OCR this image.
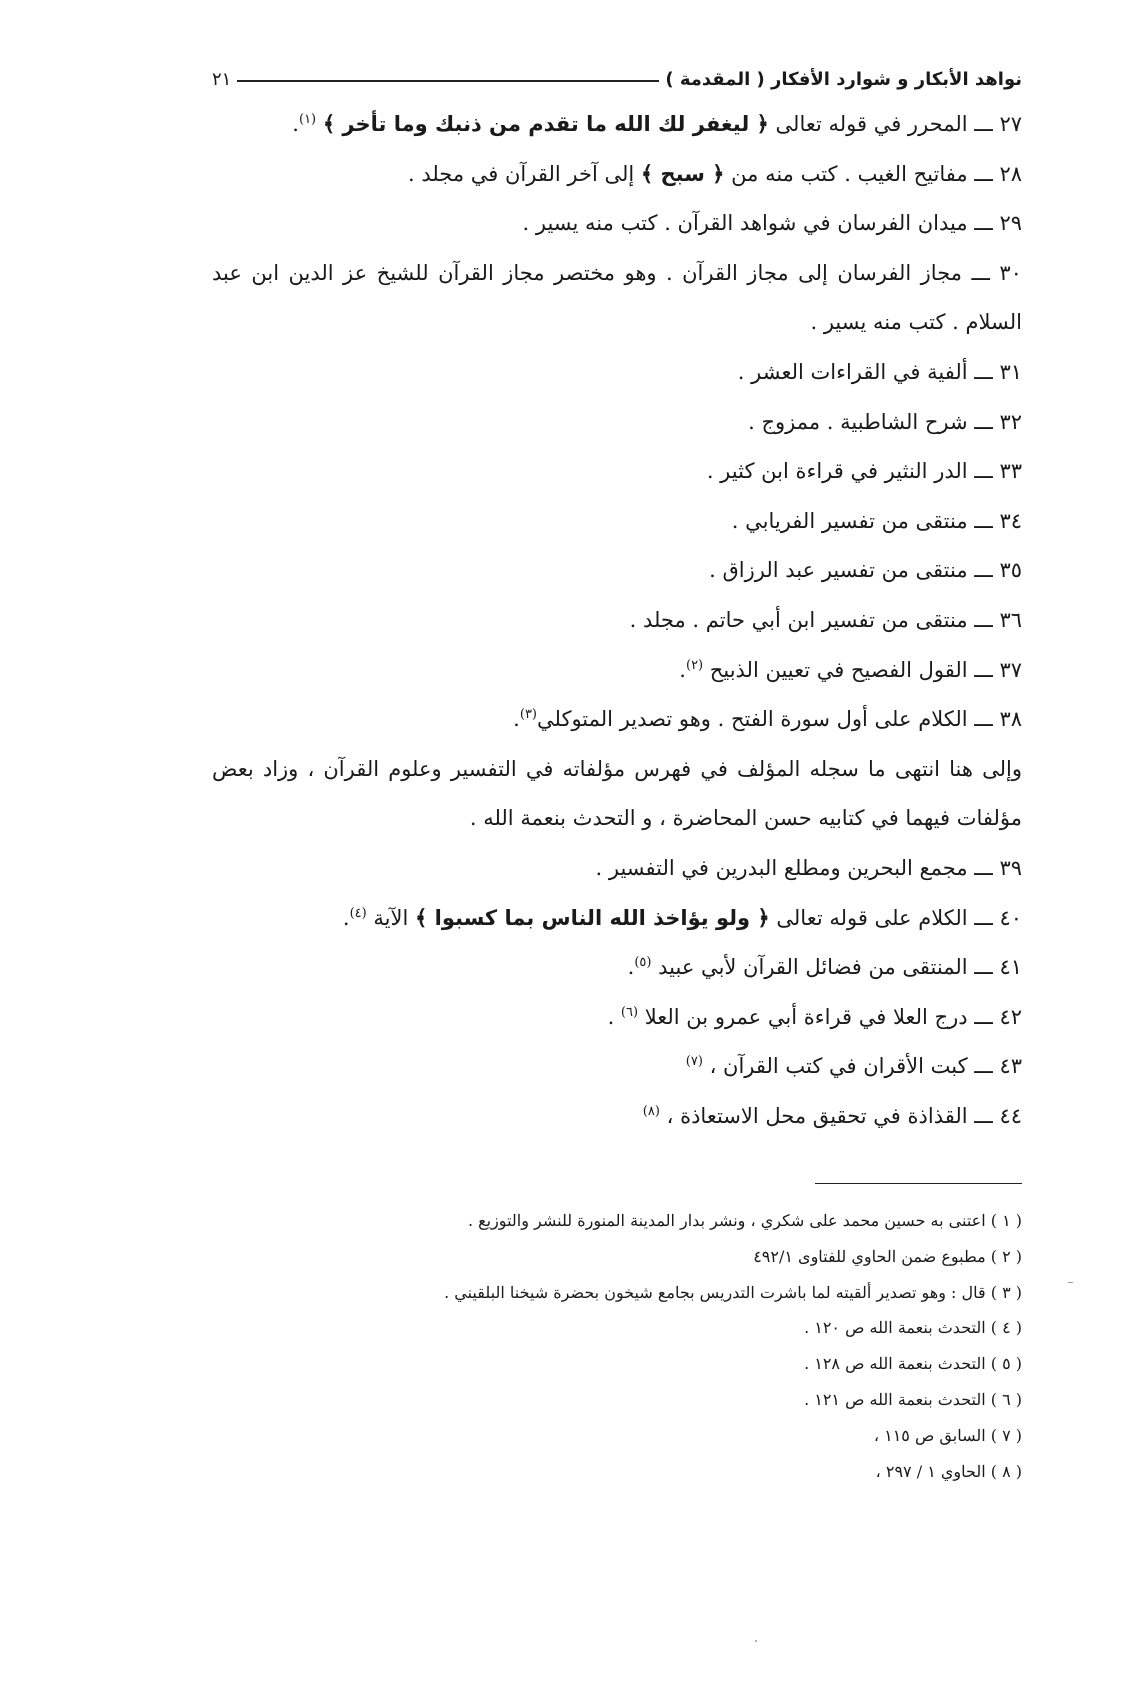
نواهد الأبكار و شوارد الأفكار ( المقدمة )
٢١

٢٧ ـــ المحرر في قوله تعالى ﴿ ليغفر لك الله ما تقدم من ذنبك وما تأخر ﴾ $^{(١)}$.

٢٨ ـــ مفاتيح الغيب . كتب منه من ﴿ سبح ﴾ إلى آخر القرآن في مجلد .

٢٩ ـــ ميدان الفرسان في شواهد القرآن . كتب منه يسير .

٣٠ ـــ مجاز الفرسان إلى مجاز القرآن . وهو مختصر مجاز القرآن للشيخ عز الدين ابن عبد السلام . كتب منه يسير .

٣١ ـــ ألفية في القراءات العشر .

٣٢ ـــ شرح الشاطبية . ممزوج .

٣٣ ـــ الدر النثير في قراءة ابن كثير .

٣٤ ـــ منتقى من تفسير الفريابي .

٣٥ ـــ منتقى من تفسير عبد الرزاق .

٣٦ ـــ منتقى من تفسير ابن أبي حاتم . مجلد .

٣٧ ـــ القول الفصيح في تعيين الذبيح $^{(٢)}$.

٣٨ ـــ الكلام على أول سورة الفتح . وهو تصدير المتوكلي$^{(٣)}$.

وإلى هنا انتهى ما سجله المؤلف في فهرس مؤلفاته في التفسير وعلوم القرآن ، وزاد بعض مؤلفات فيهما في كتابيه حسن المحاضرة ، و التحدث بنعمة الله .

٣٩ ـــ مجمع البحرين ومطلع البدرين في التفسير .

٤٠ ـــ الكلام على قوله تعالى ﴿ ولو يؤاخذ الله الناس بما كسبوا ﴾ الآية $^{(٤)}$.

٤١ ـــ المنتقى من فضائل القرآن لأبي عبيد $^{(٥)}$.

٤٢ ـــ درج العلا في قراءة أبي عمرو بن العلا $^{(٦)}$ .

٤٣ ـــ كبت الأقران في كتب القرآن ، $^{(٧)}$

٤٤ ـــ القذاذة في تحقيق محل الاستعاذة ، $^{(٨)}$

( ١ ) اعتنى به حسين محمد على شكري ، ونشر بدار المدينة المنورة للنشر والتوزيع .

( ٢ ) مطبوع ضمن الحاوي للفتاوى ٤٩٢/١

( ٣ ) قال : وهو تصدير ألقيته لما باشرت التدريس بجامع شيخون بحضرة شيخنا البلقيني .

( ٤ ) التحدث بنعمة الله ص ١٢٠ .

( ٥ ) التحدث بنعمة الله ص ١٢٨ .

( ٦ ) التحدث بنعمة الله ص ١٢١ .

( ٧ ) السابق ص ١١٥ ،

( ٨ ) الحاوي ١ / ٢٩٧ ،
